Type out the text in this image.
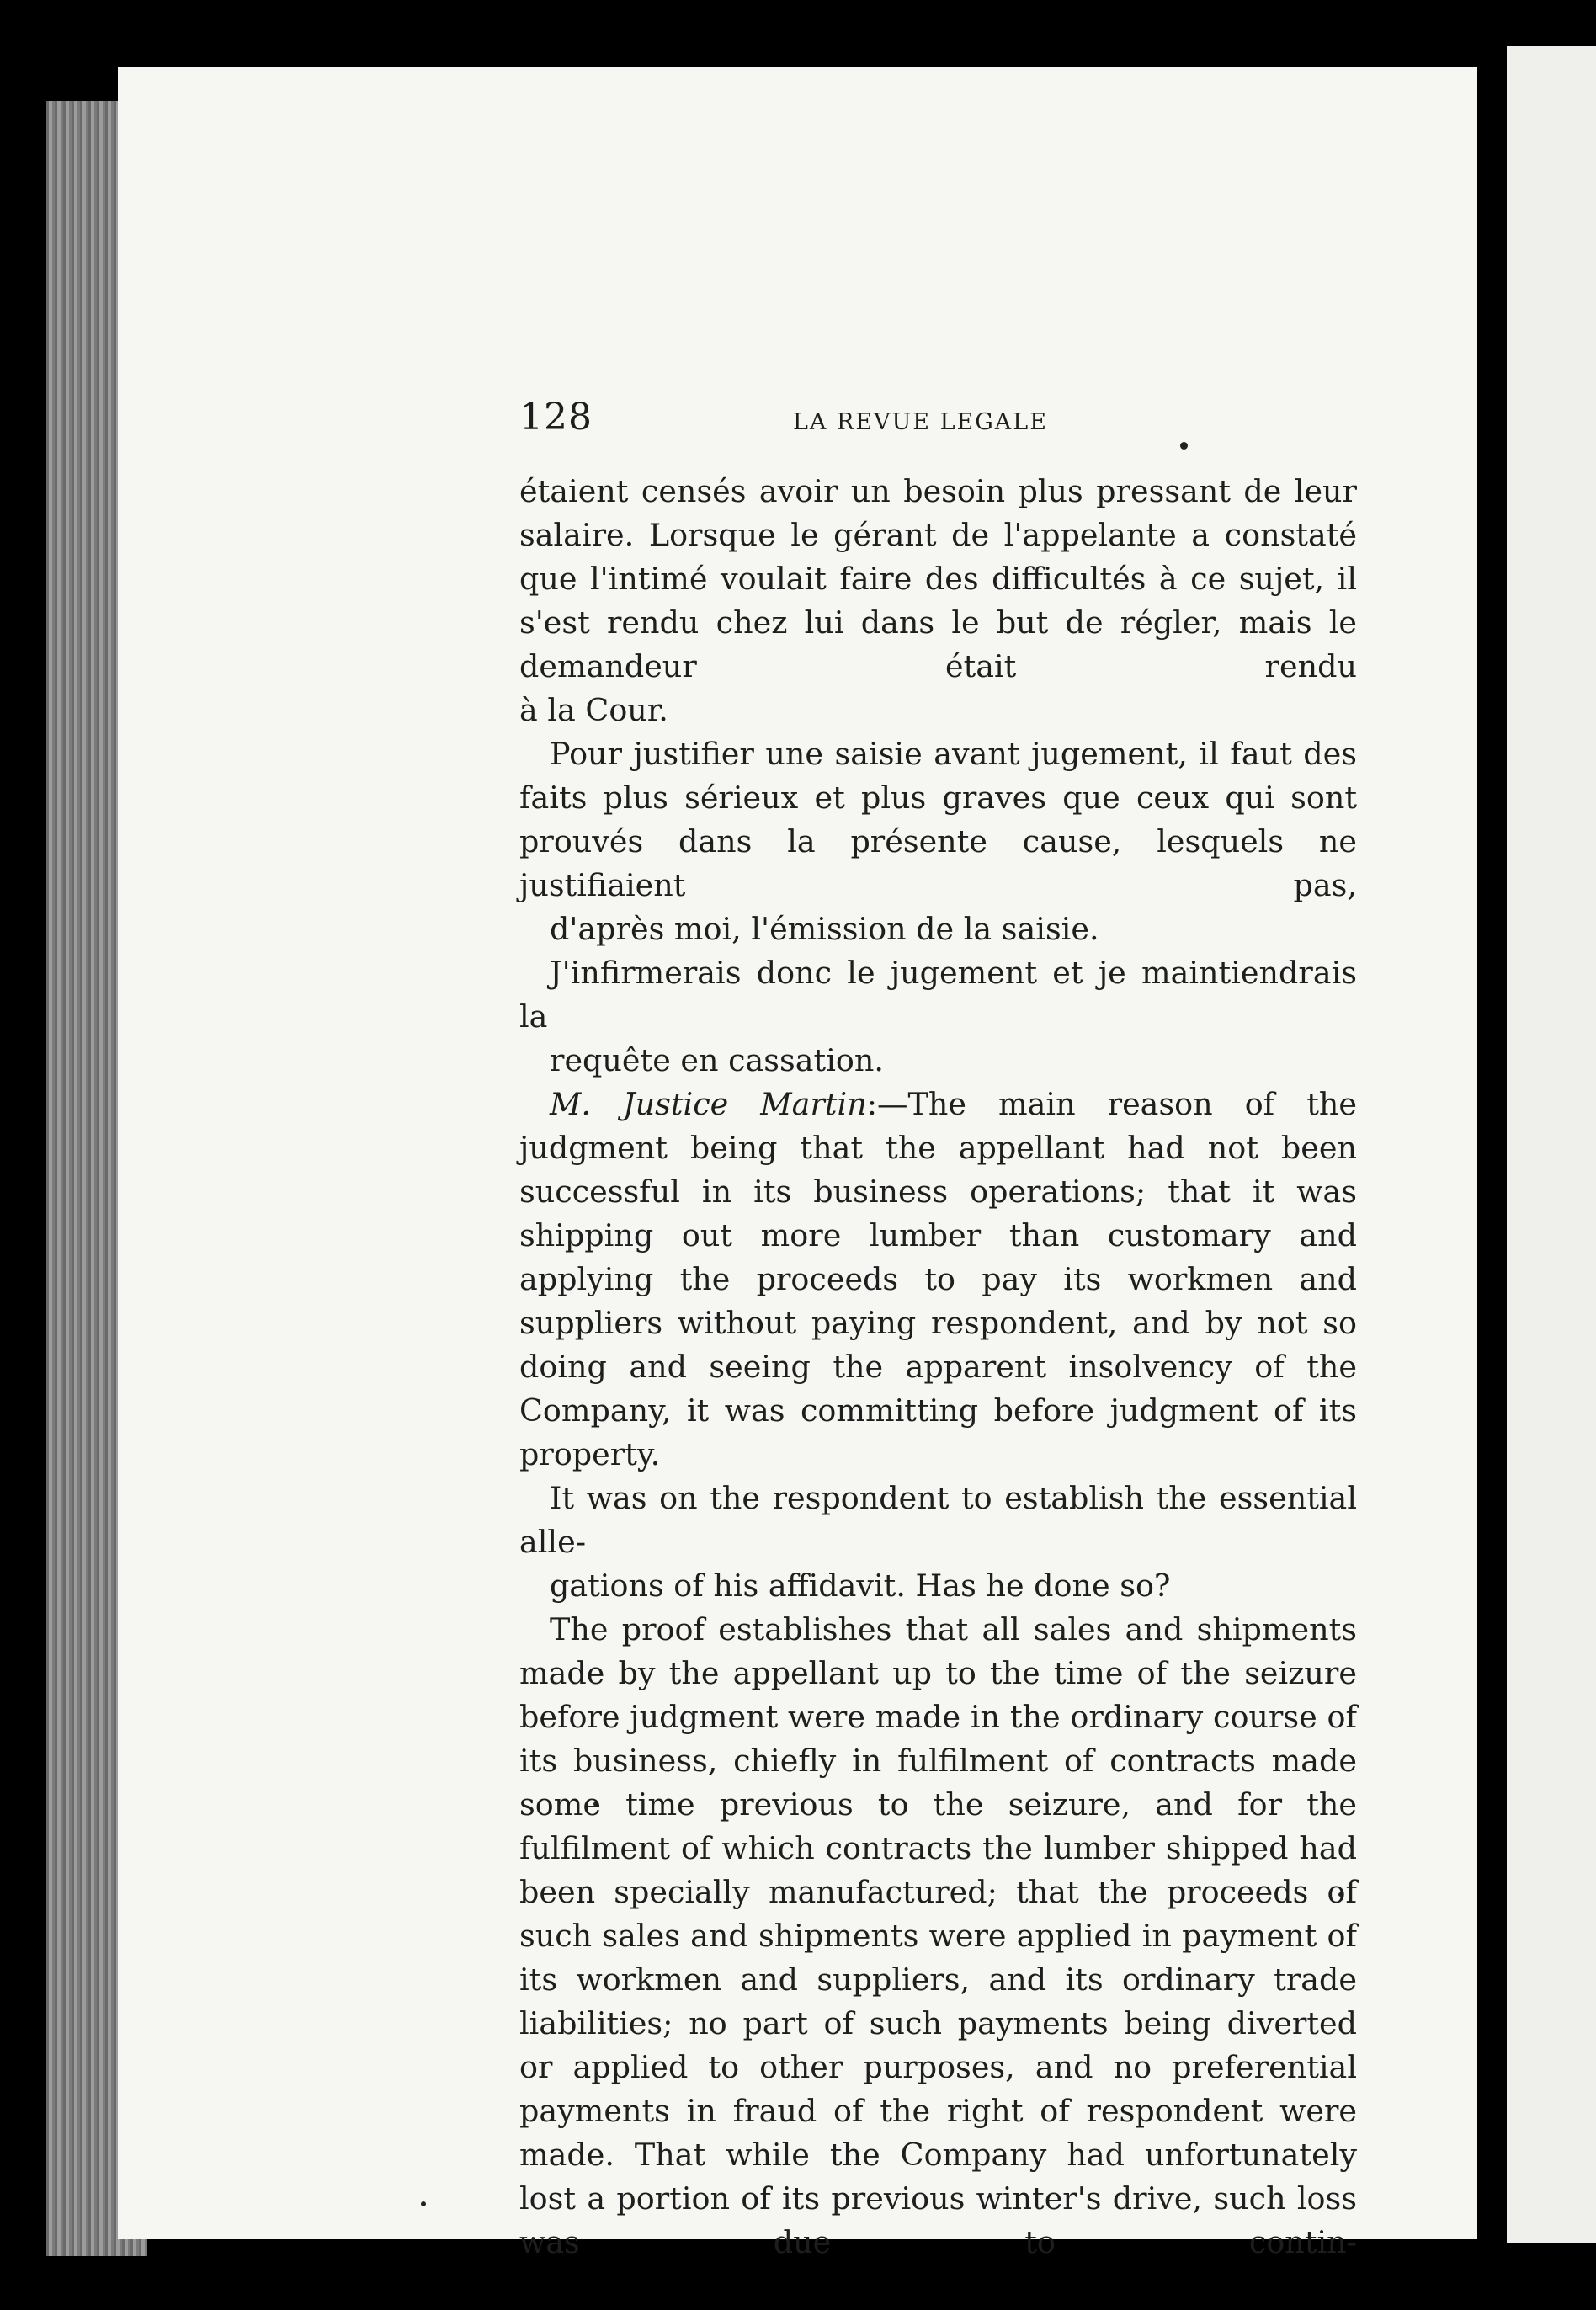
128	LA REVUE LEGALE

étaient censés avoir un besoin plus pressant de leur salaire. Lorsque le gérant de l'appelante a constaté que l'intimé voulait faire des difficultés à ce sujet, il s'est rendu chez lui dans le but de régler, mais le demandeur était rendu
à la Cour.

Pour justifier une saisie avant jugement, il faut des faits plus sérieux et plus graves que ceux qui sont prouvés dans la présente cause, lesquels ne justifiaient pas,
d'après moi, l'émission de la saisie.

J'infirmerais donc le jugement et je maintiendrais la
requête en cassation.

M. Justice Martin:—The main reason of the judgment being that the appellant had not been successful in its business operations; that it was shipping out more lumber than customary and applying the proceeds to pay its workmen and suppliers without paying respondent, and by not so doing and seeing the apparent insolvency of the Company, it was committing before judgment of its property.

It was on the respondent to establish the essential alle-
gations of his affidavit. Has he done so?

The proof establishes that all sales and shipments made by the appellant up to the time of the seizure before judgment were made in the ordinary course of its business, chiefly in fulfilment of contracts made some time previous to the seizure, and for the fulfilment of which contracts the lumber shipped had been specially manufactured; that the proceeds of such sales and shipments were applied in payment of its workmen and suppliers, and its ordinary trade liabilities; no part of such payments being diverted or applied to other purposes, and no preferential payments in fraud of the right of respondent were made. That while the Company had unfortunately lost a portion of its previous winter's drive, such loss was due to contin-
